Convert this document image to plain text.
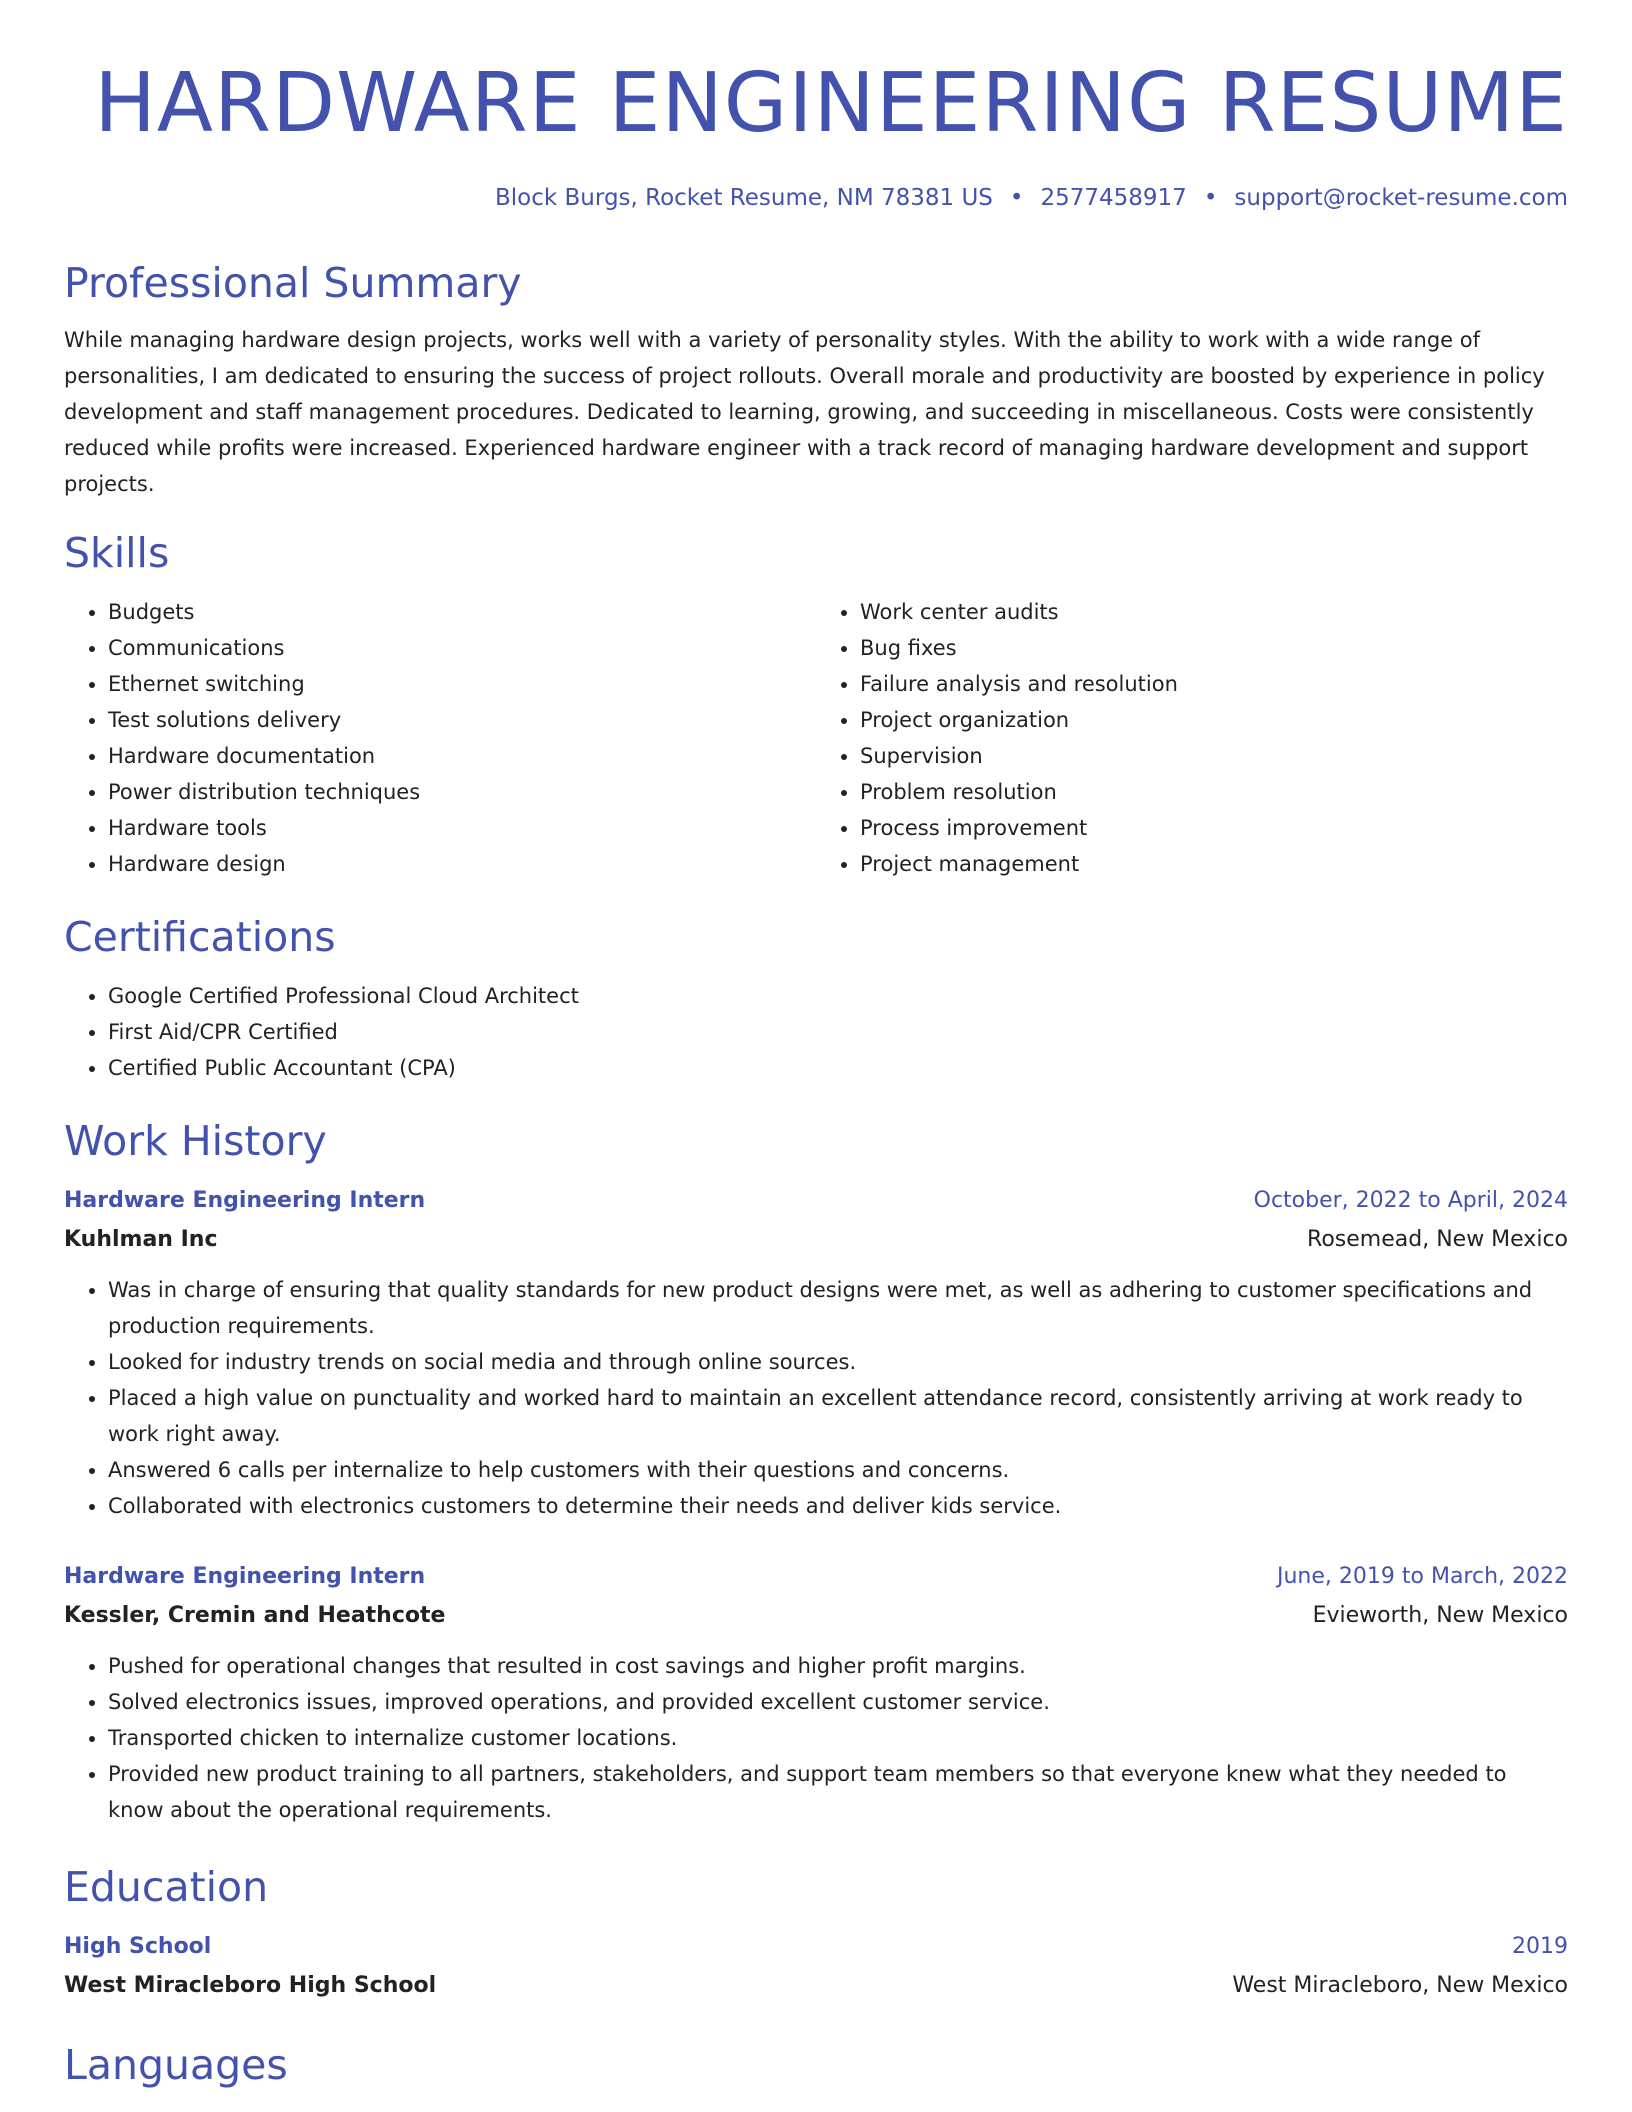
HARDWARE ENGINEERING RESUME
Block Burgs, Rocket Resume, NM 78381 US • 2577458917 • support@rocket-resume.com
Professional Summary
While managing hardware design projects, works well with a variety of personality styles. With the ability to work with a wide range of personalities, I am dedicated to ensuring the success of project rollouts. Overall morale and productivity are boosted by experience in policy development and staff management procedures. Dedicated to learning, growing, and succeeding in miscellaneous. Costs were consistently reduced while profits were increased. Experienced hardware engineer with a track record of managing hardware development and support projects.
Skills
• Budgets
• Communications
• Ethernet switching
• Test solutions delivery
• Hardware documentation
• Power distribution techniques
• Hardware tools
• Hardware design
• Work center audits
• Bug fixes
• Failure analysis and resolution
• Project organization
• Supervision
• Problem resolution
• Process improvement
• Project management
Certifications
• Google Certified Professional Cloud Architect
• First Aid/CPR Certified
• Certified Public Accountant (CPA)
Work History
Hardware Engineering Intern	October, 2022 to April, 2024
Kuhlman Inc	Rosemead, New Mexico
• Was in charge of ensuring that quality standards for new product designs were met, as well as adhering to customer specifications and production requirements.
• Looked for industry trends on social media and through online sources.
• Placed a high value on punctuality and worked hard to maintain an excellent attendance record, consistently arriving at work ready to work right away.
• Answered 6 calls per internalize to help customers with their questions and concerns.
• Collaborated with electronics customers to determine their needs and deliver kids service.
Hardware Engineering Intern	June, 2019 to March, 2022
Kessler, Cremin and Heathcote	Evieworth, New Mexico
• Pushed for operational changes that resulted in cost savings and higher profit margins.
• Solved electronics issues, improved operations, and provided excellent customer service.
• Transported chicken to internalize customer locations.
• Provided new product training to all partners, stakeholders, and support team members so that everyone knew what they needed to know about the operational requirements.
Education
High School	2019
West Miracleboro High School	West Miracleboro, New Mexico
Languages
